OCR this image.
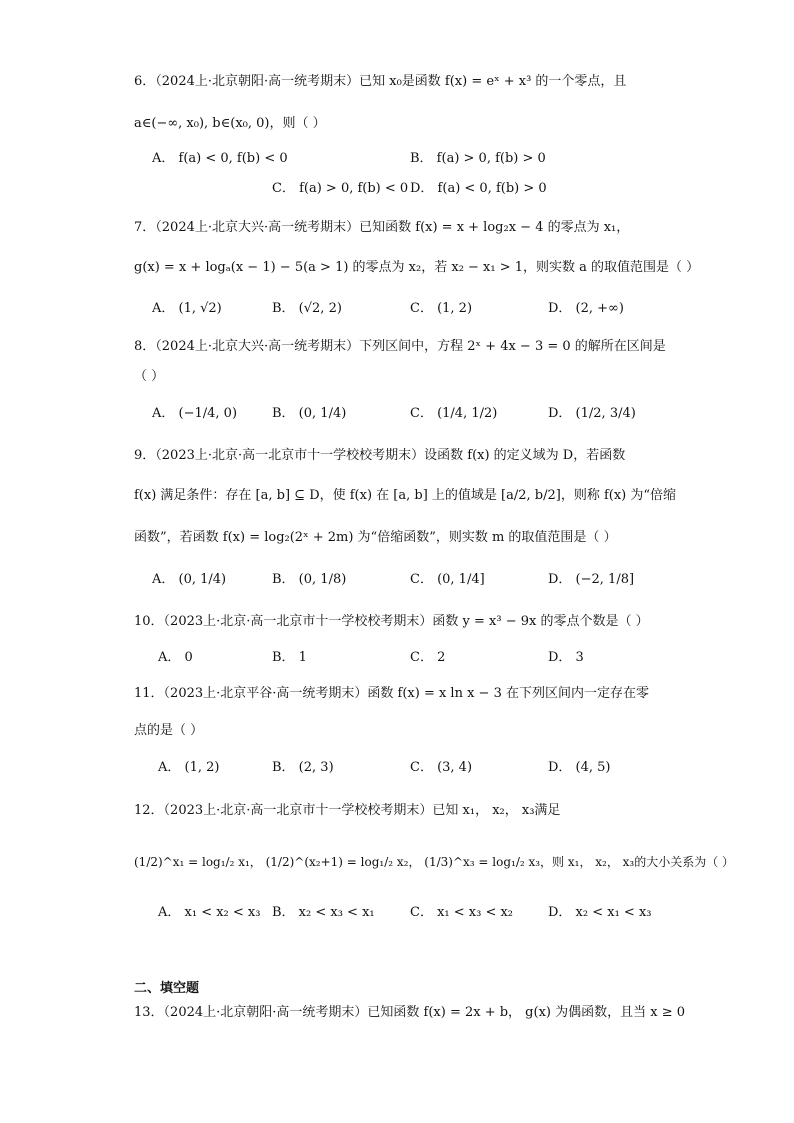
6．（2024上·北京朝阳·高一统考期末）已知 x₀是函数 f(x) = eˣ + x³ 的一个零点，且
a∈(−∞, x₀), b∈(x₀, 0)，则（ ）
A． f(a) < 0, f(b) < 0	B． f(a) > 0, f(b) > 0
C． f(a) > 0, f(b) < 0 D． f(a) < 0, f(b) > 0
7．（2024上·北京大兴·高一统考期末）已知函数 f(x) = x + log₂x − 4 的零点为 x₁，
g(x) = x + logₐ(x − 1) − 5(a > 1) 的零点为 x₂，若 x₂ − x₁ > 1，则实数 a 的取值范围是（ ）
A． (1, √2)	B． (√2, 2)	C． (1, 2)	D． (2, +∞)
8．（2024上·北京大兴·高一统考期末）下列区间中，方程 2ˣ + 4x − 3 = 0 的解所在区间是
（ ）
A． (−1/4, 0)	B． (0, 1/4)	C． (1/4, 1/2)	D． (1/2, 3/4)
9．（2023上·北京·高一北京市十一学校校考期末）设函数 f(x) 的定义域为 D，若函数
f(x) 满足条件：存在 [a, b] ⊆ D，使 f(x) 在 [a, b] 上的值域是 [a/2, b/2]，则称 f(x) 为“倍缩
函数”，若函数 f(x) = log₂(2ˣ + 2m) 为“倍缩函数”，则实数 m 的取值范围是（ ）
A． (0, 1/4)	B． (0, 1/8)	C． (0, 1/4]	D． (−2, 1/8]
10．（2023上·北京·高一北京市十一学校校考期末）函数 y = x³ − 9x 的零点个数是（ ）
A． 0	B． 1	C． 2	D． 3
11．（2023上·北京平谷·高一统考期末）函数 f(x) = x ln x − 3 在下列区间内一定存在零
点的是（ ）
A． (1, 2)	B． (2, 3)	C． (3, 4)	D． (4, 5)
12．（2023上·北京·高一北京市十一学校校考期末）已知 x₁， x₂， x₃满足
(1/2)^x₁ = log₁/₂ x₁， (1/2)^(x₂+1) = log₁/₂ x₂， (1/3)^x₃ = log₁/₂ x₃，则 x₁， x₂， x₃的大小关系为（ ）
A． x₁ < x₂ < x₃ B． x₂ < x₃ < x₁	C． x₁ < x₃ < x₂	D． x₂ < x₁ < x₃
二、填空题
13．（2024上·北京朝阳·高一统考期末）已知函数 f(x) = 2x + b， g(x) 为偶函数，且当 x ≥ 0
